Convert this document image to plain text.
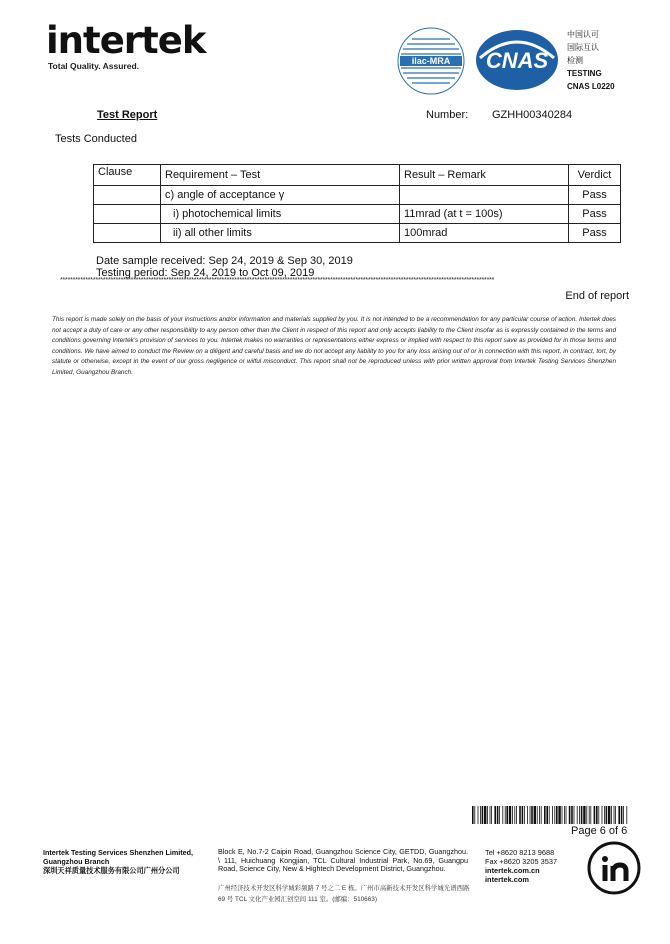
intertek
Total Quality. Assured.	ilac-MRA CNAS
中国认可
国际互认
检测
TESTING
CNAS L0220
Test Report	Number: GZHH00340284
Tests Conducted
Clause	Requirement – Test	Result – Remark	Verdict
	c) angle of acceptance γ		Pass
	i) photochemical limits	11mrad (at t = 100s)	Pass
	ii) all other limits	100mrad	Pass
Date sample received: Sep 24, 2019 & Sep 30, 2019
Testing period: Sep 24, 2019 to Oct 09, 2019
****************************************************************************************************************************************************************************
End of report
This report is made solely on the basis of your instructions and/or information and materials supplied by you. It is not intended to be a recommendation for any particular course of action. Intertek does not accept a duty of care or any other responsibility to any person other than the Client in respect of this report and only accepts liability to the Client insofar as is expressly contained in the terms and conditions governing Intertek's provision of services to you. Intertek makes no warranties or representations either express or implied with respect to this report save as provided for in those terms and conditions. We have aimed to conduct the Review on a diligent and careful basis and we do not accept any liability to you for any loss arising out of or in connection with this report, in contract, tort, by statute or otherwise, except in the event of our gross negligence or wilful misconduct. This report shall not be reproduced unless with prior written approval from Intertek Testing Services Shenzhen Limited, Guangzhou Branch.
Page 6 of 6
Intertek Testing Services Shenzhen Limited,
Guangzhou Branch
深圳天祥质量技术服务有限公司广州分公司
Block E, No.7-2 Caipin Road, Guangzhou Science City, GETDD, Guangzhou. \ 111, Huichuang Kongjian, TCL Cultural Industrial Park, No.69, Guangpu Road, Science City, New & Hightech Development District, Guangzhou.
广州经济技术开发区科学城彩频路 7 号之二 E 栋。广州市高新技术开发区科学城光谱西路 69 号 TCL 文化产业园汇创空间 111 室。(邮编：510663)
Tel +8620 8213 9688
Fax +8620 3205 3537
intertek.com.cn
intertek.com
